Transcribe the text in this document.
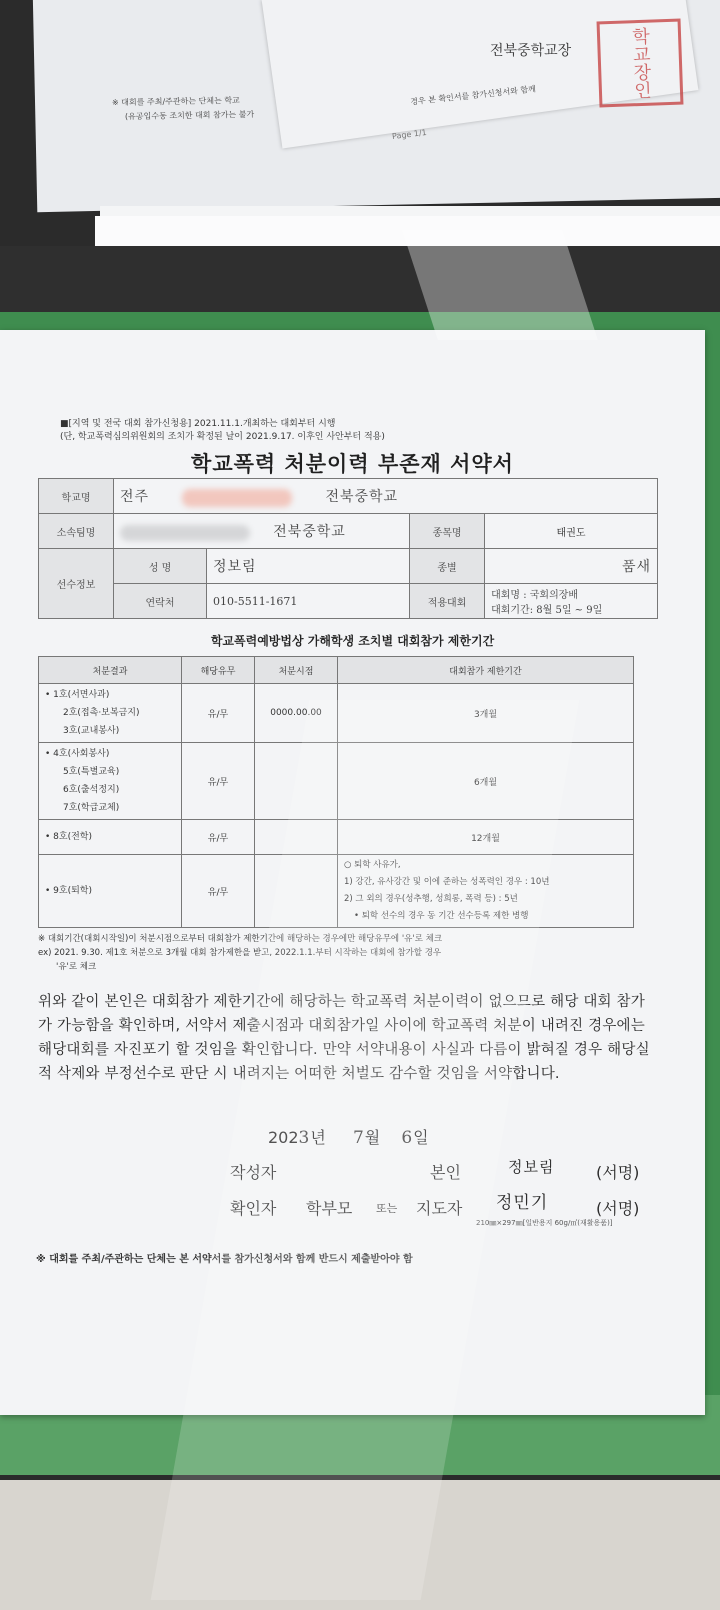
전북중학교장	학교장인
※ 대회를 주최/주관하는 단체는 학교
(유공입수동 조치한 대회 참가는 불가
경우 본 확인서를 참가신청서와 함께
Page 1/1
■[지역 및 전국 대회 참가신청용] 2021.11.1.개최하는 대회부터 시행
(단, 학교폭력심의위원회의 조치가 확정된 날이 2021.9.17. 이후인 사안부터 적용)
학교폭력 처분이력 부존재 서약서
학교명	전주 전북중학교			
소속팀명	전북중학교		종목명	태권도
선수정보	성 명	정보림	종별	품새
	연락처	010-5511-1671	적용대회	대회명 : 국회의장배
대회기간: 8월 5일 ~ 9일
학교폭력예방법상 가해학생 조치별 대회참가 제한기간
처분결과	해당유무	처분시점	대회참가 제한기간

• 1호(서면사과)
2호(접촉·보복금지)
3호(교내봉사)	유/무	0000.00.00	3개월

• 4호(사회봉사)
5호(특별교육)
6호(출석정지)
7호(학급교체)	유/무		6개월

• 8호(전학)	유/무		12개월

• 9호(퇴학)	유/무		○ 퇴학 사유가,
1) 강간, 유사강간 및 이에 준하는 성폭력인 경우 : 10년
2) 그 외의 경우(성추행, 성희롱, 폭력 등) : 5년
• 퇴학 선수의 경우 동 기간 선수등록 제한 병행
※ 대회기간(대회시작일)이 처분시점으로부터 대회참가 제한기간에 해당하는 경우에만 해당유무에 '유'로 체크
ex) 2021. 9.30. 제1호 처분으로 3개월 대회 참가제한을 받고, 2022.1.1.부터 시작하는 대회에 참가할 경우
'유'로 체크
위와 같이 본인은 대회참가 제한기간에 해당하는 학교폭력 처분이력이 없으므로 해당 대회 참가가 가능함을 확인하며, 서약서 제출시점과 대회참가일 사이에 학교폭력 처분이 내려진 경우에는 해당대회를 자진포기 할 것임을 확인합니다. 만약 서약내용이 사실과 다름이 밝혀질 경우 해당실적 삭제와 부정선수로 판단 시 내려지는 어떠한 처벌도 감수할 것임을 서약합니다.
2023년 7월 6일
작성자	본인	정보림	(서명)
확인자 학부모 또는 지도자 정민기	(서명)
210㎜×297㎜[일반용지 60g/㎡(재활용품)]
※ 대회를 주최/주관하는 단체는 본 서약서를 참가신청서와 함께 반드시 제출받아야 함
